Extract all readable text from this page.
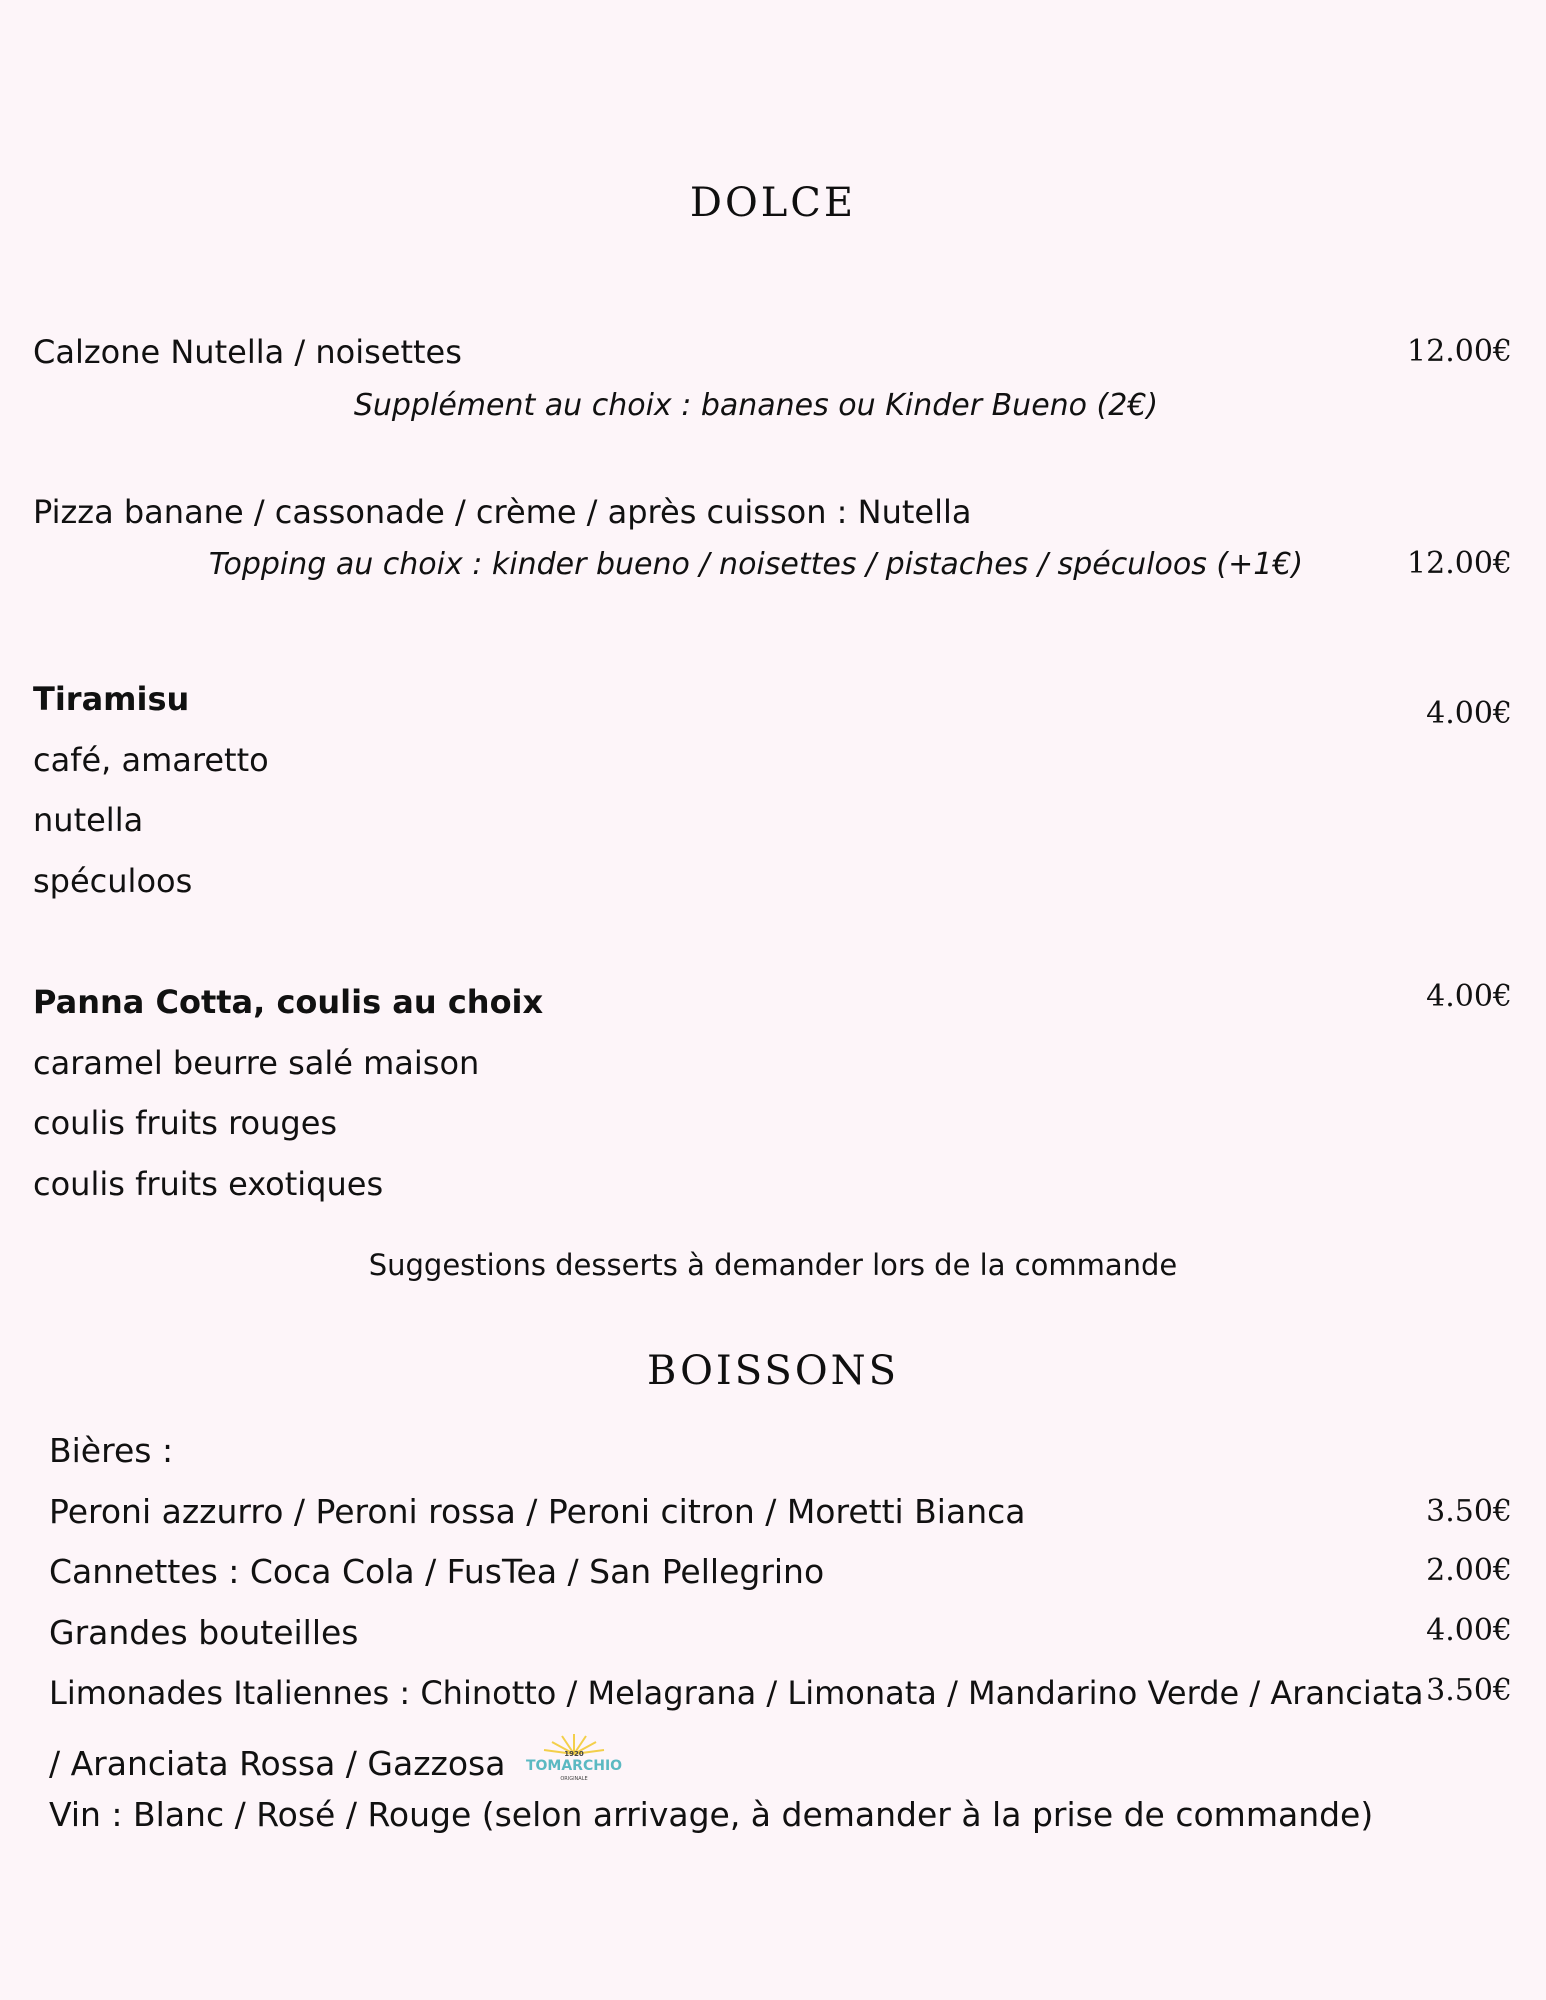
DOLCE
Calzone Nutella / noisettes	12.00€
Supplément au choix : bananes ou Kinder Bueno (2€)
Pizza banane / cassonade / crème / après cuisson : Nutella
Topping au choix : kinder bueno / noisettes / pistaches / spéculoos (+1€)	12.00€
Tiramisu	4.00€
café, amaretto
nutella
spéculoos
Panna Cotta, coulis au choix	4.00€
caramel beurre salé maison
coulis fruits rouges
coulis fruits exotiques
Suggestions desserts à demander lors de la commande
BOISSONS
Bières :
Peroni azzurro / Peroni rossa / Peroni citron / Moretti Bianca	3.50€
Cannettes : Coca Cola / FusTea / San Pellegrino	2.00€
Grandes bouteilles	4.00€
Limonades Italiennes : Chinotto / Melagrana / Limonata / Mandarino Verde / Aranciata 3.50€
/ Aranciata Rossa / Gazzosa	1920
TOMARCHIO
ORIGINALE
Vin : Blanc / Rosé / Rouge (selon arrivage, à demander à la prise de commande)
